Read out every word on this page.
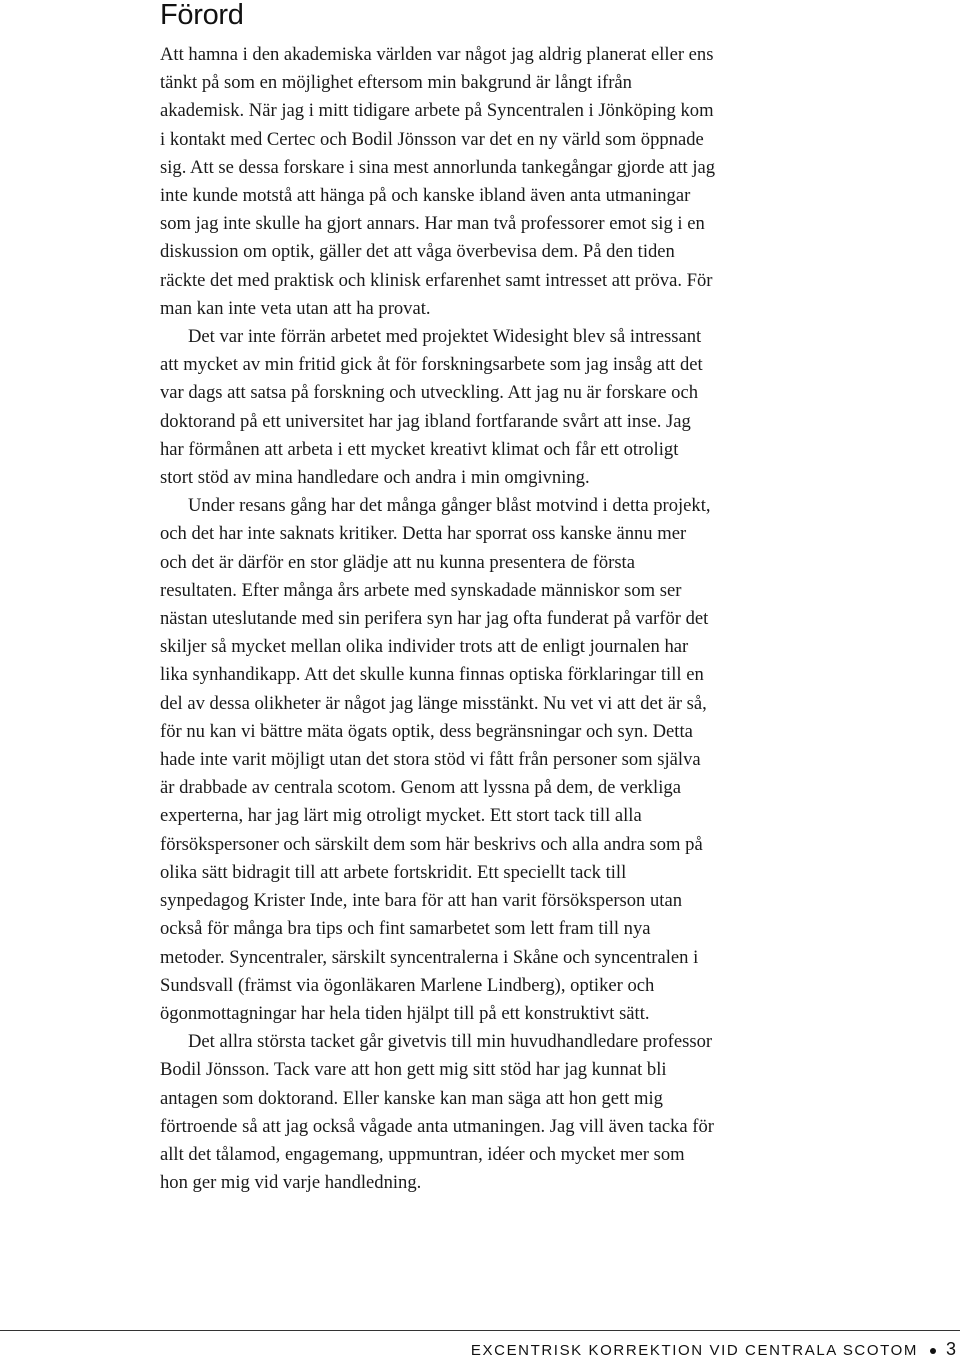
Förord

Att hamna i den akademiska världen var något jag aldrig planerat eller ens tänkt på som en möjlighet eftersom min bakgrund är långt ifrån akademisk. När jag i mitt tidigare arbete på Syncentralen i Jönköping kom i kontakt med Certec och Bodil Jönsson var det en ny värld som öppnade sig. Att se dessa forskare i sina mest annorlunda tankegångar gjorde att jag inte kunde motstå att hänga på och kanske ibland även anta utmaningar som jag inte skulle ha gjort annars. Har man två professorer emot sig i en diskussion om optik, gäller det att våga överbevisa dem. På den tiden räckte det med praktisk och klinisk erfarenhet samt intresset att pröva. För man kan inte veta utan att ha provat.

Det var inte förrän arbetet med projektet Widesight blev så intressant att mycket av min fritid gick åt för forskningsarbete som jag insåg att det var dags att satsa på forskning och utveckling. Att jag nu är forskare och doktorand på ett universitet har jag ibland fortfarande svårt att inse. Jag har förmånen att arbeta i ett mycket kreativt klimat och får ett otroligt stort stöd av mina handledare och andra i min omgivning.

Under resans gång har det många gånger blåst motvind i detta projekt, och det har inte saknats kritiker. Detta har sporrat oss kanske ännu mer och det är därför en stor glädje att nu kunna presentera de första resultaten. Efter många års arbete med synskadade människor som ser nästan uteslutande med sin perifera syn har jag ofta funderat på varför det skiljer så mycket mellan olika individer trots att de enligt journalen har lika synhandikapp. Att det skulle kunna finnas optiska förklaringar till en del av dessa olikheter är något jag länge misstänkt. Nu vet vi att det är så, för nu kan vi bättre mäta ögats optik, dess begränsningar och syn. Detta hade inte varit möjligt utan det stora stöd vi fått från personer som själva är drabbade av centrala scotom. Genom att lyssna på dem, de verkliga experterna, har jag lärt mig otroligt mycket. Ett stort tack till alla försökspersoner och särskilt dem som här beskrivs och alla andra som på olika sätt bidragit till att arbete fortskridit. Ett speciellt tack till synpedagog Krister Inde, inte bara för att han varit försöksperson utan också för många bra tips och fint samarbetet som lett fram till nya metoder. Syncentraler, särskilt syncentralerna i Skåne och syncentralen i Sundsvall (främst via ögonläkaren Marlene Lindberg), optiker och ögonmottagningar har hela tiden hjälpt till på ett konstruktivt sätt.

Det allra största tacket går givetvis till min huvudhandledare professor Bodil Jönsson. Tack vare att hon gett mig sitt stöd har jag kunnat bli antagen som doktorand. Eller kanske kan man säga att hon gett mig förtroende så att jag också vågade anta utmaningen. Jag vill även tacka för allt det tålamod, engagemang, uppmuntran, idéer och mycket mer som hon ger mig vid varje handledning.

EXCENTRISK KORREKTION VID CENTRALA SCOTOM 3
